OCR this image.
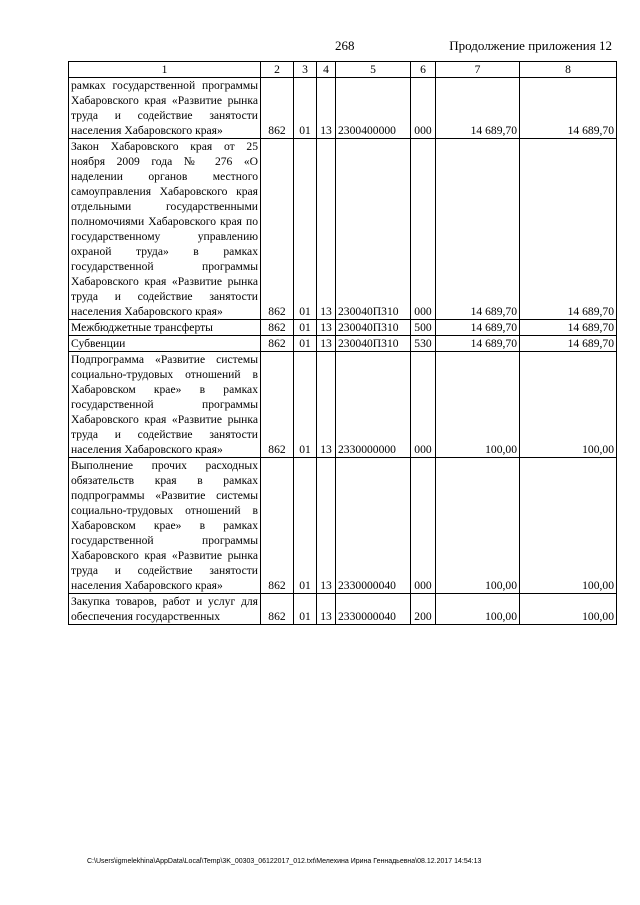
268	Продолжение приложения 12
1	2	3	4	5	6	7	8
рамках государственной программы Хабаровского края «Развитие рынка труда и содействие занятости населения Хабаровского края»	862	01	13	2300400000	000	14 689,70	14 689,70
Закон Хабаровского края от 25 ноября 2009 года № 276 «О наделении органов местного самоуправления Хабаровского края отдельными государственными полномочиями Хабаровского края по государственному управлению охраной труда» в рамках государственной программы Хабаровского края «Развитие рынка труда и содействие занятости населения Хабаровского края»	862	01	13	230040П310	000	14 689,70	14 689,70
Межбюджетные трансферты	862	01	13	230040П310	500	14 689,70	14 689,70
Субвенции	862	01	13	230040П310	530	14 689,70	14 689,70
Подпрограмма «Развитие системы социально-трудовых отношений в Хабаровском крае» в рамках государственной программы Хабаровского края «Развитие рынка труда и содействие занятости населения Хабаровского края»	862	01	13	2330000000	000	100,00	100,00
Выполнение прочих расходных обязательств края в рамках подпрограммы «Развитие системы социально-трудовых отношений в Хабаровском крае» в рамках государственной программы Хабаровского края «Развитие рынка труда и содействие занятости населения Хабаровского края»	862	01	13	2330000040	000	100,00	100,00
Закупка товаров, работ и услуг для обеспечения государственных	862	01	13	2330000040	200	100,00	100,00
C:\Users\igmelekhina\AppData\Local\Temp\3K_00303_06122017_012.txt\Мелехина Ирина Геннадьевна\08.12.2017 14:54:13
